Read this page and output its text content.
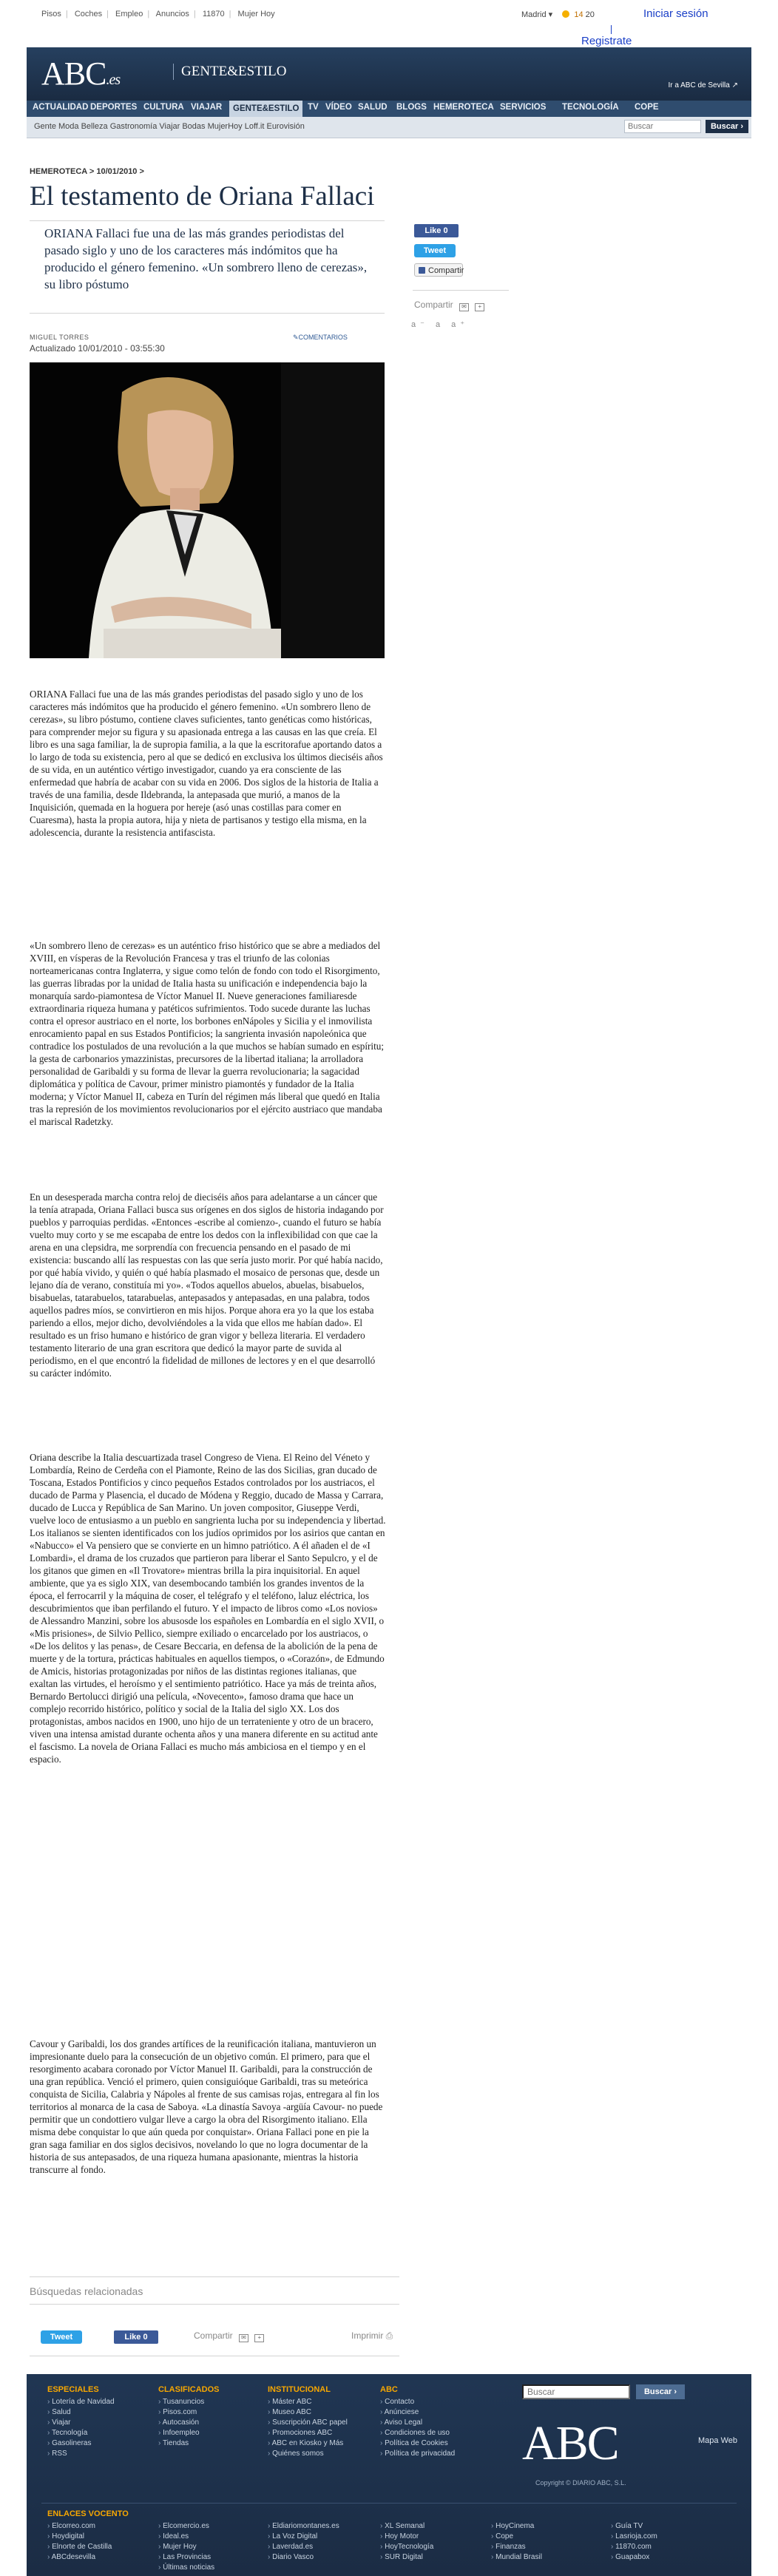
Pisos | Coches | Empleo | Anuncios | 11870 | Mujer Hoy	Madrid ▾  14 20	Iniciar sesión
Registrate
ABC.es
GENTE&ESTILO
Ir a ABC de Sevilla ↗
ACTUALIDAD DEPORTES CULTURA VIAJAR	GENTE&ESTILO	TV VÍDEO SALUD BLOGS HEMEROTECA SERVICIOS TECNOLOGÍA COPE
Gente Moda Belleza Gastronomía Viajar Bodas MujerHoy Loff.it Eurovisión
Buscar	Buscar ›
HEMEROTECA > 10/01/2010 >
El testamento de Oriana Fallaci
ORIANA Fallaci fue una de las más grandes periodistas del pasado siglo y uno de los caracteres más indómitos que ha producido el género femenino. «Un sombrero lleno de cerezas», su libro póstumo
MIGUEL TORRES	✎COMENTARIOS
Actualizado 10/01/2010 - 03:55:30
Like 0
Tweet
Compartir
Compartir ✉ +
a⁻ a a⁺

ORIANA Fallaci fue una de las más grandes periodistas del pasado siglo y uno de los caracteres más indómitos que ha producido el género femenino. «Un sombrero lleno de cerezas», su libro póstumo, contiene claves suficientes, tanto genéticas como históricas, para comprender mejor su figura y su apasionada entrega a las causas en las que creía. El libro es una saga familiar, la de supropia familia, a la que la escritorafue aportando datos a lo largo de toda su existencia, pero al que se dedicó en exclusiva los últimos dieciséis años de su vida, en un auténtico vértigo investigador, cuando ya era consciente de las enfermedad que habría de acabar con su vida en 2006. Dos siglos de la historia de Italia a través de una familia, desde Ildebranda, la antepasada que murió, a manos de la Inquisición, quemada en la hoguera por hereje (asó unas costillas para comer en Cuaresma), hasta la propia autora, hija y nieta de partisanos y testigo ella misma, en la adolescencia, durante la resistencia antifascista.

«Un sombrero lleno de cerezas» es un auténtico friso histórico que se abre a mediados del XVIII, en vísperas de la Revolución Francesa y tras el triunfo de las colonias norteamericanas contra Inglaterra, y sigue como telón de fondo con todo el Risorgimento, las guerras libradas por la unidad de Italia hasta su unificación e independencia bajo la monarquía sardo-piamontesa de Víctor Manuel II. Nueve generaciones familiaresde extraordinaria riqueza humana y patéticos sufrimientos. Todo sucede durante las luchas contra el opresor austriaco en el norte, los borbones enNápoles y Sicilia y el inmovilista enrocamiento papal en sus Estados Pontificios; la sangrienta invasión napoleónica que contradice los postulados de una revolución a la que muchos se habían sumado en espíritu; la gesta de carbonarios ymazzinistas, precursores de la libertad italiana; la arrolladora personalidad de Garibaldi y su forma de llevar la guerra revolucionaria; la sagacidad diplomática y política de Cavour, primer ministro piamontés y fundador de la Italia moderna; y Víctor Manuel II, cabeza en Turín del régimen más liberal que quedó en Italia tras la represión de los movimientos revolucionarios por el ejército austriaco que mandaba el mariscal Radetzky.

En un desesperada marcha contra reloj de dieciséis años para adelantarse a un cáncer que la tenía atrapada, Oriana Fallaci busca sus orígenes en dos siglos de historia indagando por pueblos y parroquias perdidas. «Entonces -escribe al comienzo-, cuando el futuro se había vuelto muy corto y se me escapaba de entre los dedos con la inflexibilidad con que cae la arena en una clepsidra, me sorprendía con frecuencia pensando en el pasado de mi existencia: buscando allí las respuestas con las que sería justo morir. Por qué había nacido, por qué había vivido, y quién o qué había plasmado el mosaico de personas que, desde un lejano día de verano, constituía mi yo». «Todos aquellos abuelos, abuelas, bisabuelos, bisabuelas, tatarabuelos, tatarabuelas, antepasados y antepasadas, en una palabra, todos aquellos padres míos, se convirtieron en mis hijos. Porque ahora era yo la que los estaba pariendo a ellos, mejor dicho, devolviéndoles a la vida que ellos me habían dado». El resultado es un friso humano e histórico de gran vigor y belleza literaria. El verdadero testamento literario de una gran escritora que dedicó la mayor parte de suvida al periodismo, en el que encontró la fidelidad de millones de lectores y en el que desarrolló su carácter indómito.

Oriana describe la Italia descuartizada trasel Congreso de Viena. El Reino del Véneto y Lombardía, Reino de Cerdeña con el Piamonte, Reino de las dos Sicilias, gran ducado de Toscana, Estados Pontificios y cinco pequeños Estados controlados por los austriacos, el ducado de Parma y Plasencia, el ducado de Módena y Reggio, ducado de Massa y Carrara, ducado de Lucca y República de San Marino. Un joven compositor, Giuseppe Verdi, vuelve loco de entusiasmo a un pueblo en sangrienta lucha por su independencia y libertad. Los italianos se sienten identificados con los judíos oprimidos por los asirios que cantan en «Nabucco» el Va pensiero que se convierte en un himno patriótico. A él añaden el de «I Lombardi», el drama de los cruzados que partieron para liberar el Santo Sepulcro, y el de los gitanos que gimen en «Il Trovatore» mientras brilla la pira inquisitorial. En aquel ambiente, que ya es siglo XIX, van desembocando también los grandes inventos de la época, el ferrocarril y la máquina de coser, el telégrafo y el teléfono, laluz eléctrica, los descubrimientos que iban perfilando el futuro. Y el impacto de libros como «Los novios» de Alessandro Manzini, sobre los abusosde los españoles en Lombardía en el siglo XVII, o «Mis prisiones», de Silvio Pellico, siempre exiliado o encarcelado por los austriacos, o «De los delitos y las penas», de Cesare Beccaria, en defensa de la abolición de la pena de muerte y de la tortura, prácticas habituales en aquellos tiempos, o «Corazón», de Edmundo de Amicis, historias protagonizadas por niños de las distintas regiones italianas, que exaltan las virtudes, el heroísmo y el sentimiento patriótico. Hace ya más de treinta años, Bernardo Bertolucci dirigió una película, «Novecento», famoso drama que hace un complejo recorrido histórico, político y social de la Italia del siglo XX. Los dos protagonistas, ambos nacidos en 1900, uno hijo de un terrateniente y otro de un bracero, viven una intensa amistad durante ochenta años y una manera diferente en su actitud ante el fascismo. La novela de Oriana Fallaci es mucho más ambiciosa en el tiempo y en el espacio.

Cavour y Garibaldi, los dos grandes artífices de la reunificación italiana, mantuvieron un impresionante duelo para la consecución de un objetivo común. El primero, para que el resorgimento acabara coronado por Víctor Manuel II. Garibaldi, para la construcción de una gran república. Venció el primero, quien consiguióque Garibaldi, tras su meteórica conquista de Sicilia, Calabria y Nápoles al frente de sus camisas rojas, entregara al fin los territorios al monarca de la casa de Saboya. «La dinastía Savoya -argüía Cavour- no puede permitir que un condottiero vulgar lleve a cargo la obra del Risorgimento italiano. Ella misma debe conquistar lo que aún queda por conquistar». Oriana Fallaci pone en pie la gran saga familiar en dos siglos decisivos, novelando lo que no logra documentar de la historia de sus antepasados, de una riqueza humana apasionante, mientras la historia transcurre al fondo.

Búsquedas relacionadas
Tweet	Like 0	Compartir ✉ +	Imprimir ⎙
ESPECIALES
› Lotería de Navidad
› Salud
› Viajar
› Tecnología
› Gasolineras
› RSS
CLASIFICADOS
› Tusanuncios
› Pisos.com
› Autocasión
› Infoempleo
› Tiendas
INSTITUCIONAL
› Máster ABC
› Museo ABC
› Suscripción ABC papel
› Promociones ABC
› ABC en Kiosko y Más
› Quiénes somos
ABC
› Contacto
› Anúnciese
› Aviso Legal
› Condiciones de uso
› Política de Cookies
› Política de privacidad
Buscar
Buscar ›
ABC
Copyright © DIARIO ABC, S.L.
Mapa Web
ENLACES VOCENTO
› Elcorreo.com
› Hoydigital
› Elnorte de Castilla
› ABCdesevilla
› Elcomercio.es
› Ideal.es
› Mujer Hoy
› Las Provincias
› Últimas noticias
› Eldiariomontanes.es
› La Voz Digital
› Laverdad.es
› Diario Vasco
› XL Semanal
› Hoy Motor
› HoyTecnología
› SUR Digital
› HoyCinema
› Cope
› Finanzas
› Mundial Brasil
› Guía TV
› Lasrioja.com
› 11870.com
› Guapabox
